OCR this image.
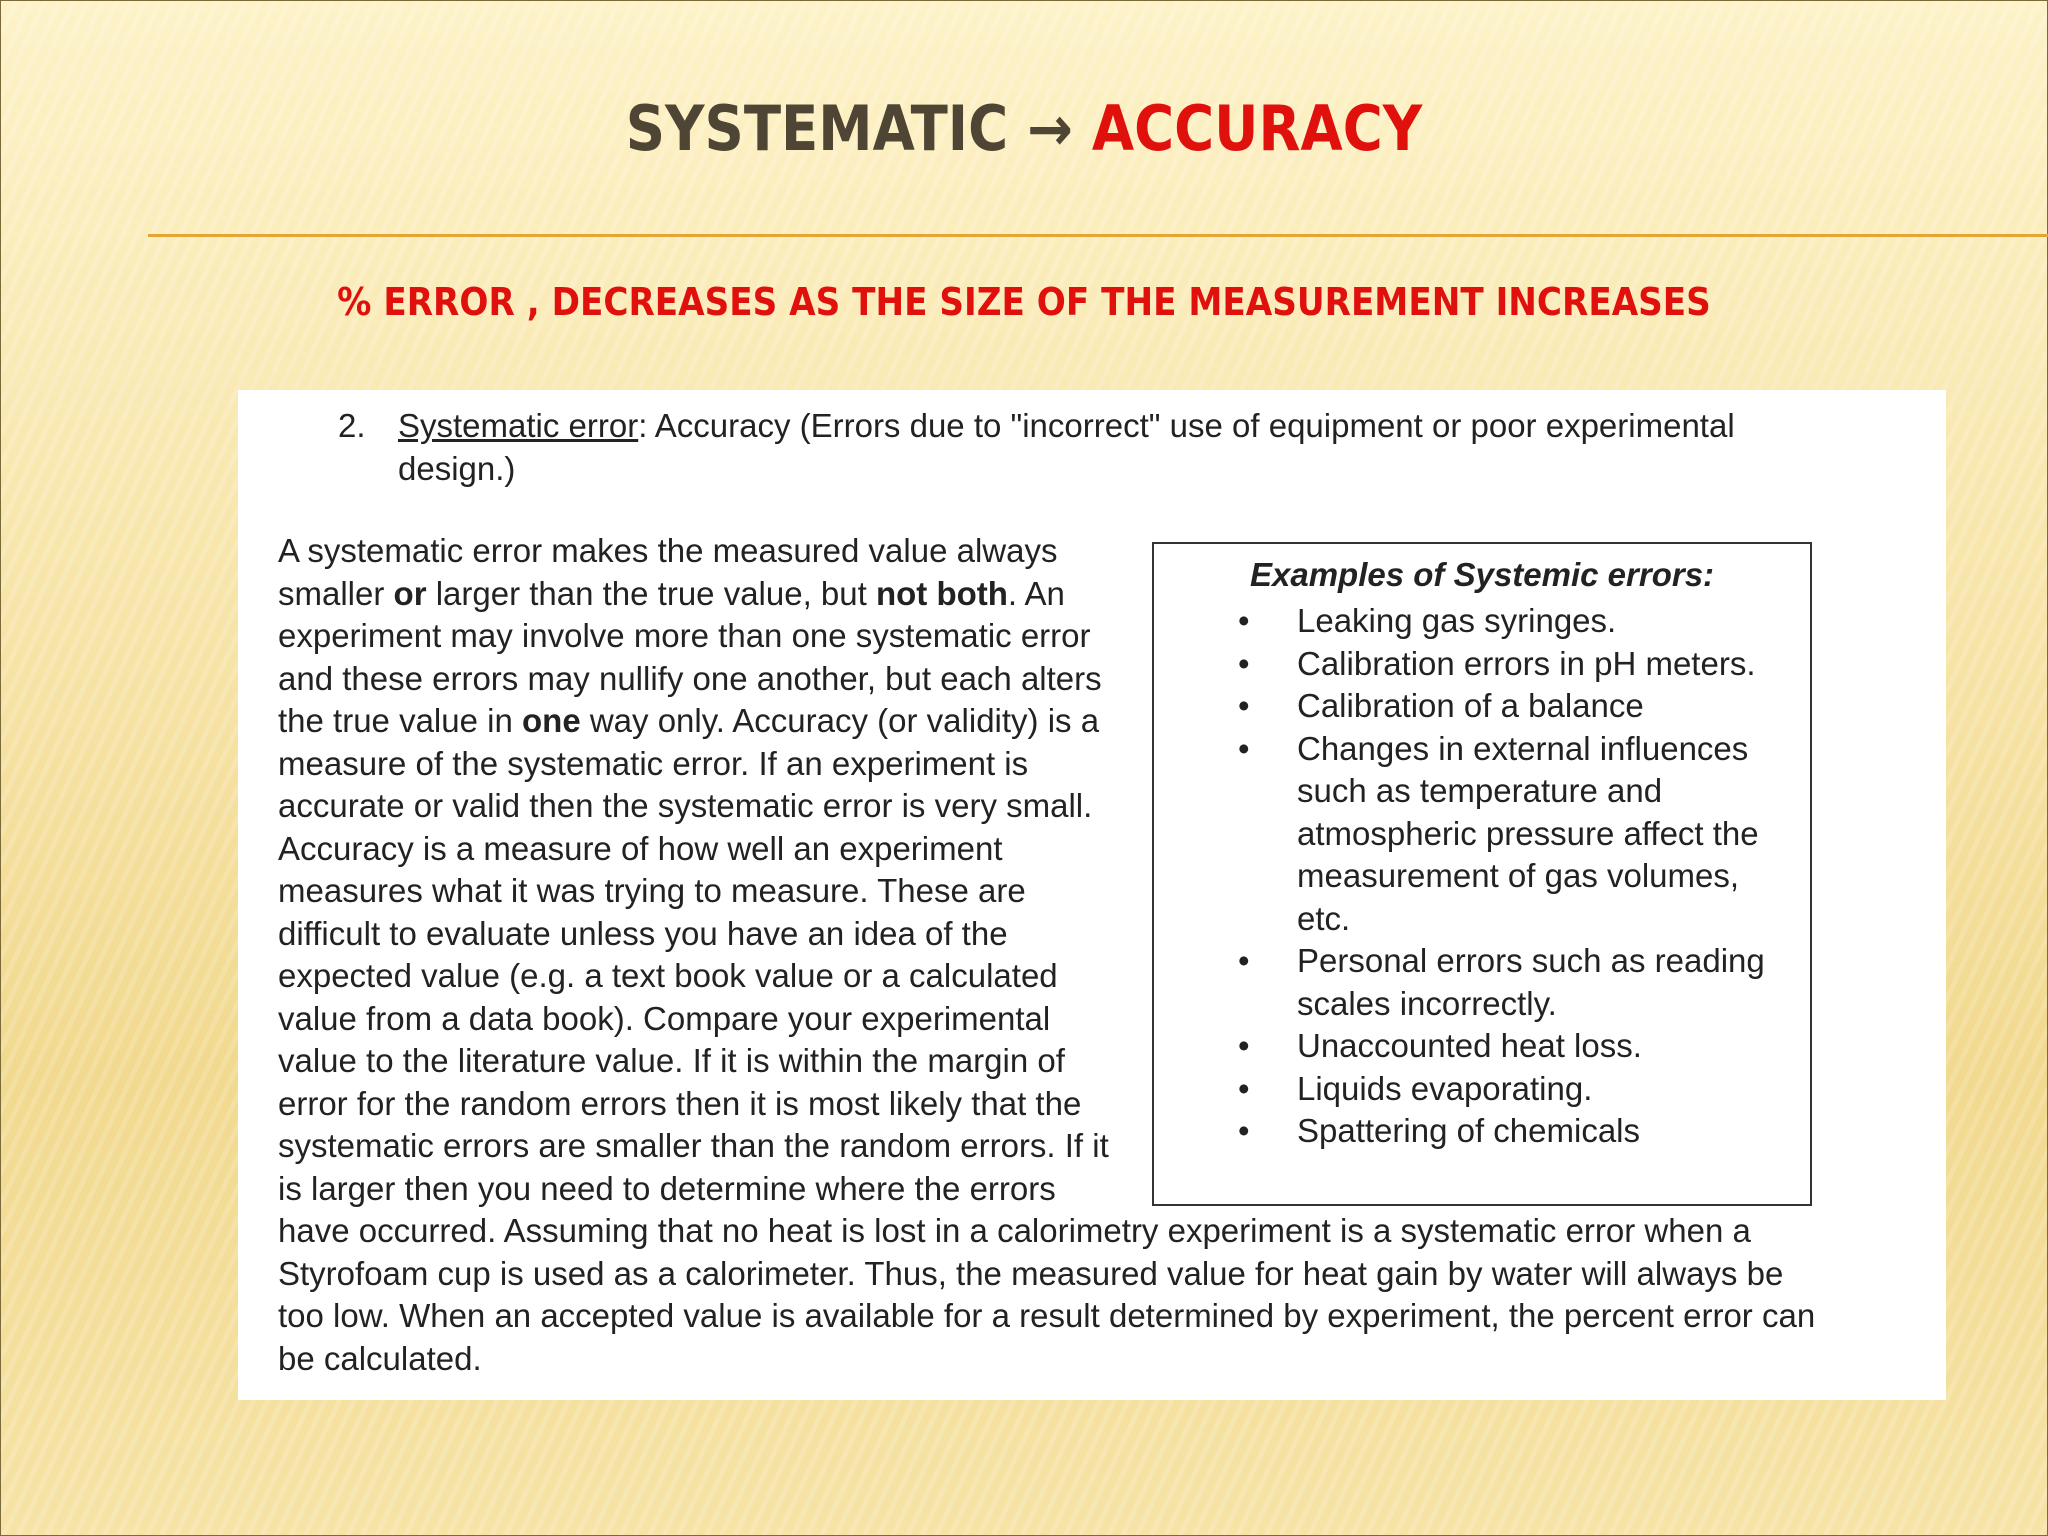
SYSTEMATIC → ACCURACY
% ERROR , DECREASES AS THE SIZE OF THE MEASUREMENT INCREASES
2. Systematic error: Accuracy (Errors due to "incorrect" use of equipment or poor experimental
design.)
A systematic error makes the measured value always
smaller or larger than the true value, but not both. An
experiment may involve more than one systematic error
and these errors may nullify one another, but each alters
the true value in one way only. Accuracy (or validity) is a
measure of the systematic error. If an experiment is
accurate or valid then the systematic error is very small.
Accuracy is a measure of how well an experiment
measures what it was trying to measure. These are
difficult to evaluate unless you have an idea of the
expected value (e.g. a text book value or a calculated
value from a data book). Compare your experimental
value to the literature value. If it is within the margin of
error for the random errors then it is most likely that the
systematic errors are smaller than the random errors. If it
is larger then you need to determine where the errors
have occurred. Assuming that no heat is lost in a calorimetry experiment is a systematic error when a
Styrofoam cup is used as a calorimeter. Thus, the measured value for heat gain by water will always be
too low. When an accepted value is available for a result determined by experiment, the percent error can
be calculated.
Examples of Systemic errors:
• Leaking gas syringes.
• Calibration errors in pH meters.
• Calibration of a balance
• Changes in external influences
such as temperature and
atmospheric pressure affect the
measurement of gas volumes,
etc.
• Personal errors such as reading
scales incorrectly.
• Unaccounted heat loss.
• Liquids evaporating.
• Spattering of chemicals
